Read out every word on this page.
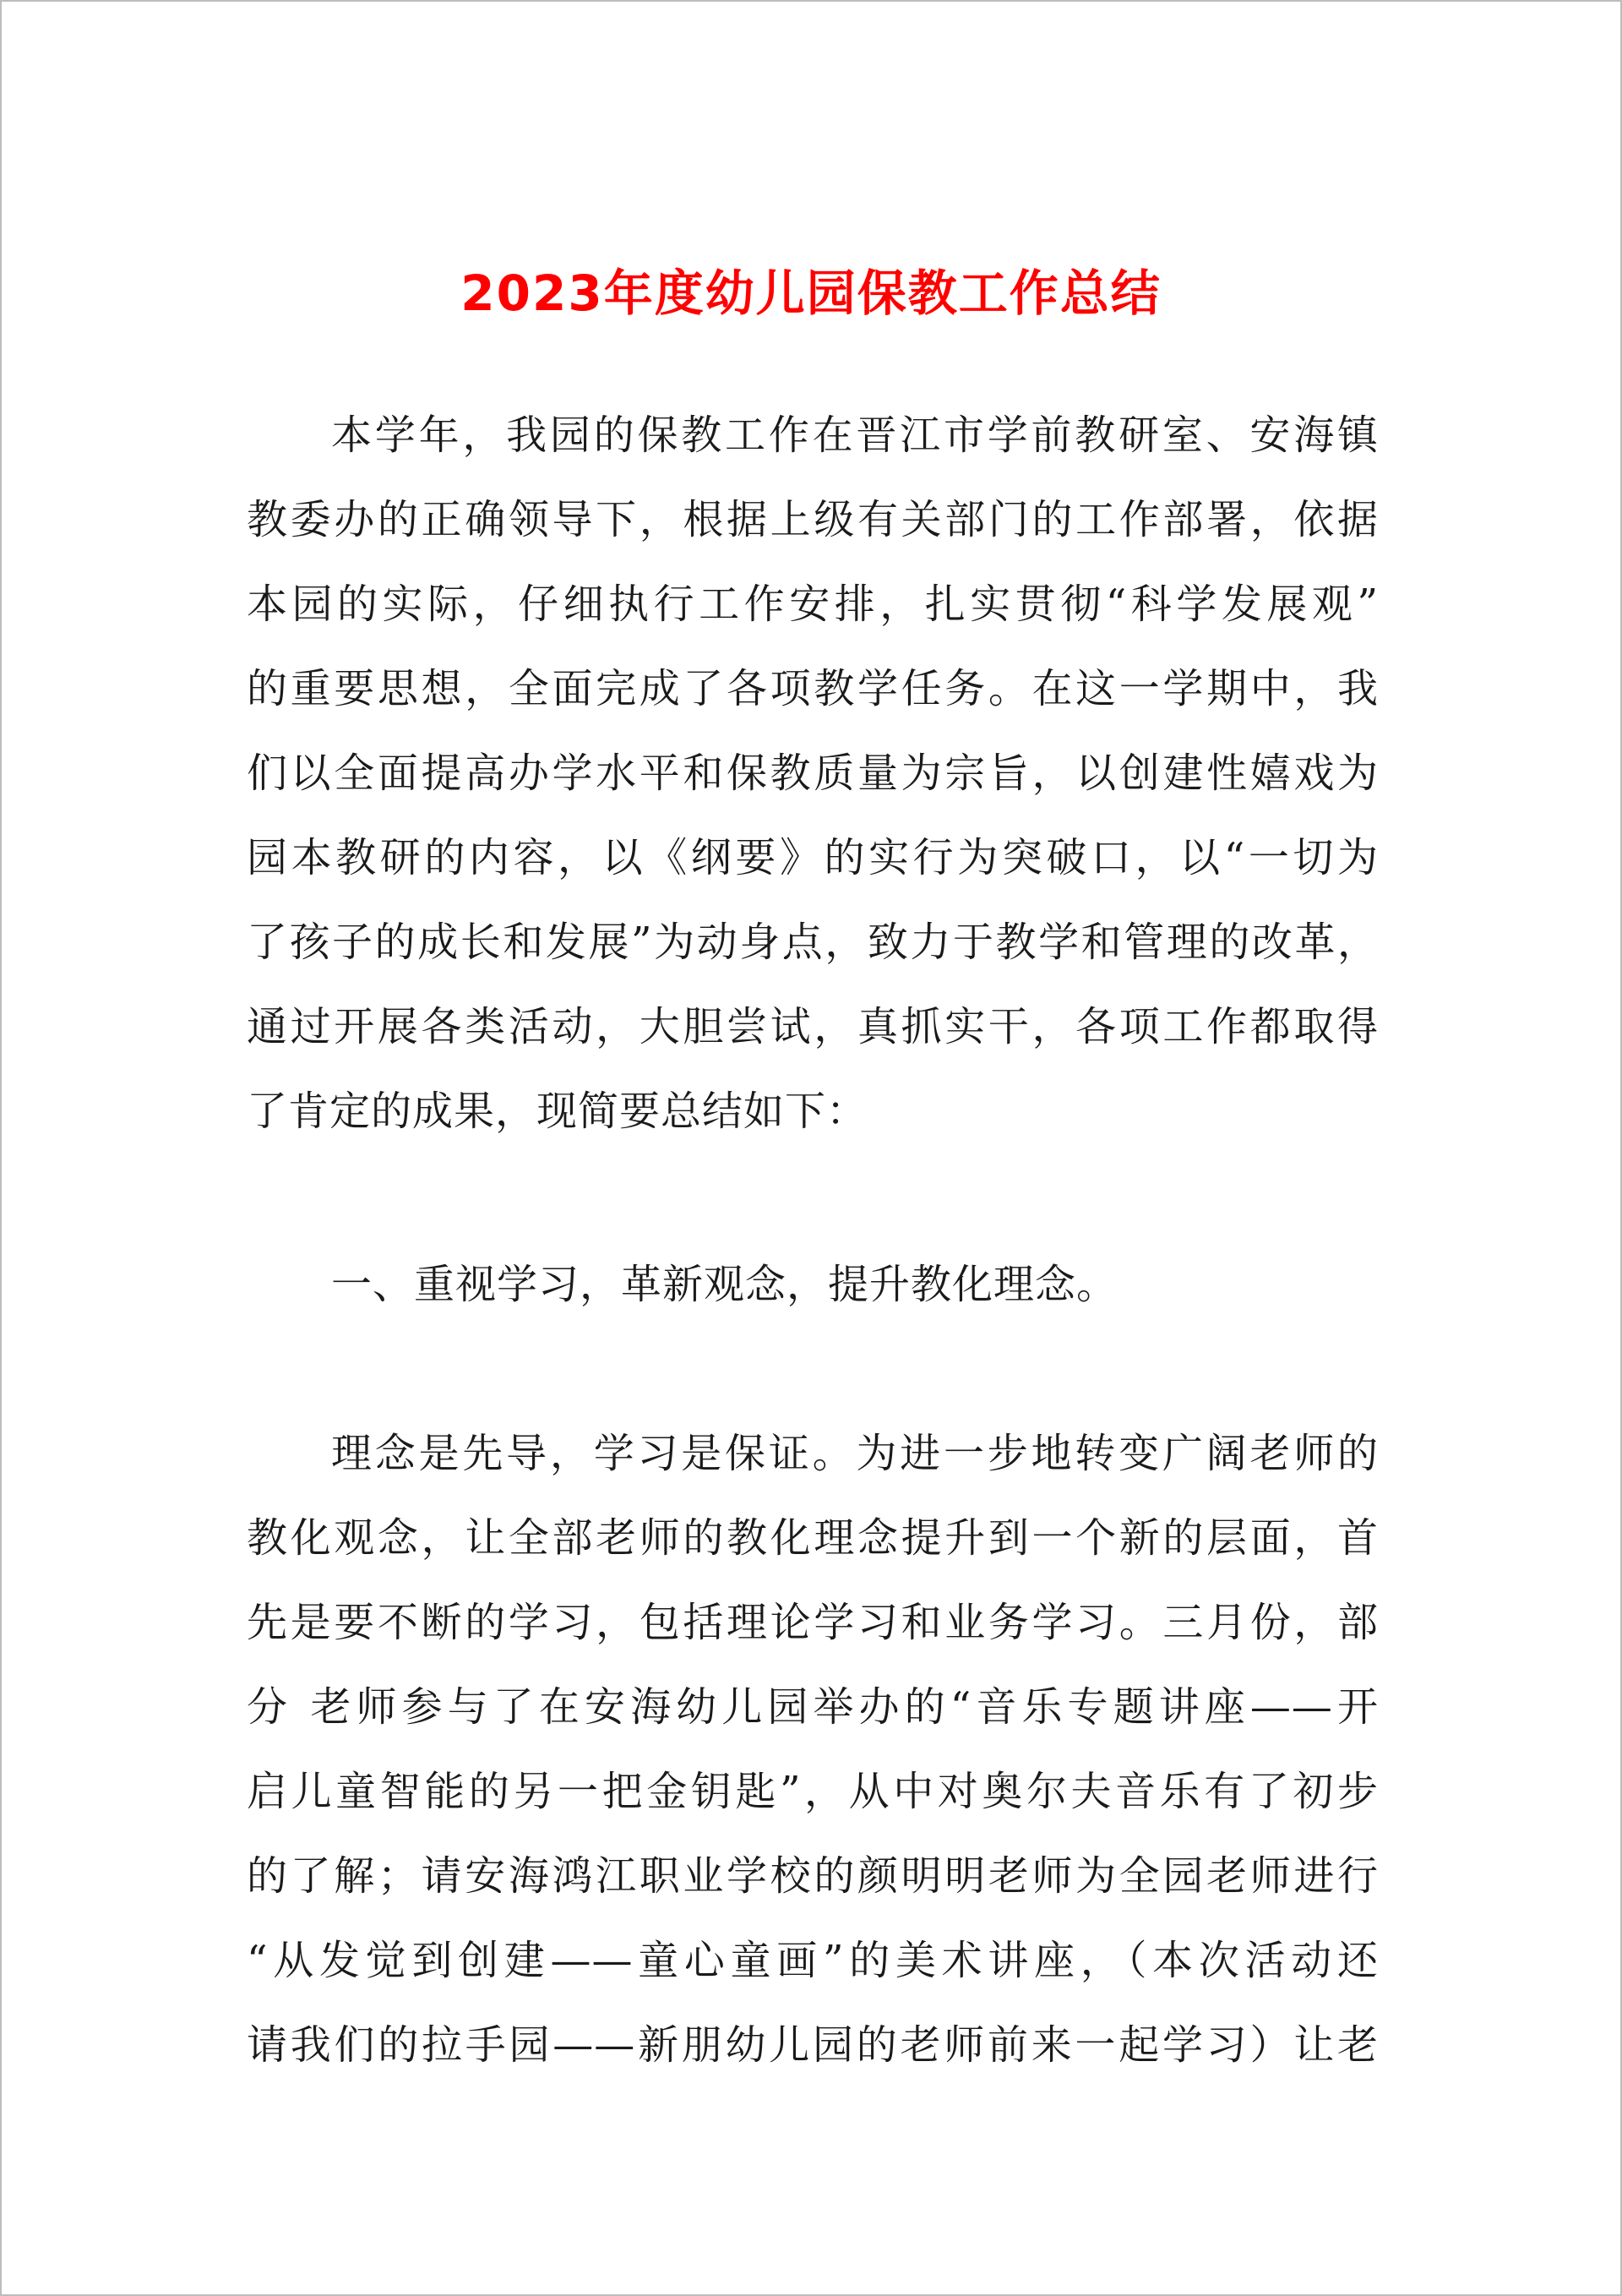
2023年度幼儿园保教工作总结
本学年，我园的保教工作在晋江市学前教研室、安海镇
教委办的正确领导下，根据上级有关部门的工作部署，依据
本园的实际，仔细执行工作安排，扎实贯彻“科学发展观”
的重要思想，全面完成了各项教学任务。在这一学期中，我
们以全面提高办学水平和保教质量为宗旨，以创建性嬉戏为
园本教研的内容，以《纲要》的实行为突破口，以“一切为
了孩子的成长和发展”为动身点，致力于教学和管理的改革，
通过开展各类活动，大胆尝试，真抓实干，各项工作都取得
了肯定的成果，现简要总结如下：
一、重视学习，革新观念，提升教化理念。
理念是先导，学习是保证。为进一步地转变广阔老师的
教化观念，让全部老师的教化理念提升到一个新的层面，首
先是要不断的学习，包括理论学习和业务学习。三月份，部
分 老师参与了在安海幼儿园举办的“音乐专题讲座——开
启儿童智能的另一把金钥匙”，从中对奥尔夫音乐有了初步
的了解；请安海鸿江职业学校的颜明明老师为全园老师进行
“从发觉到创建——童心童画”的美术讲座，（本次活动还
请我们的拉手园——新朋幼儿园的老师前来一起学习）让老
